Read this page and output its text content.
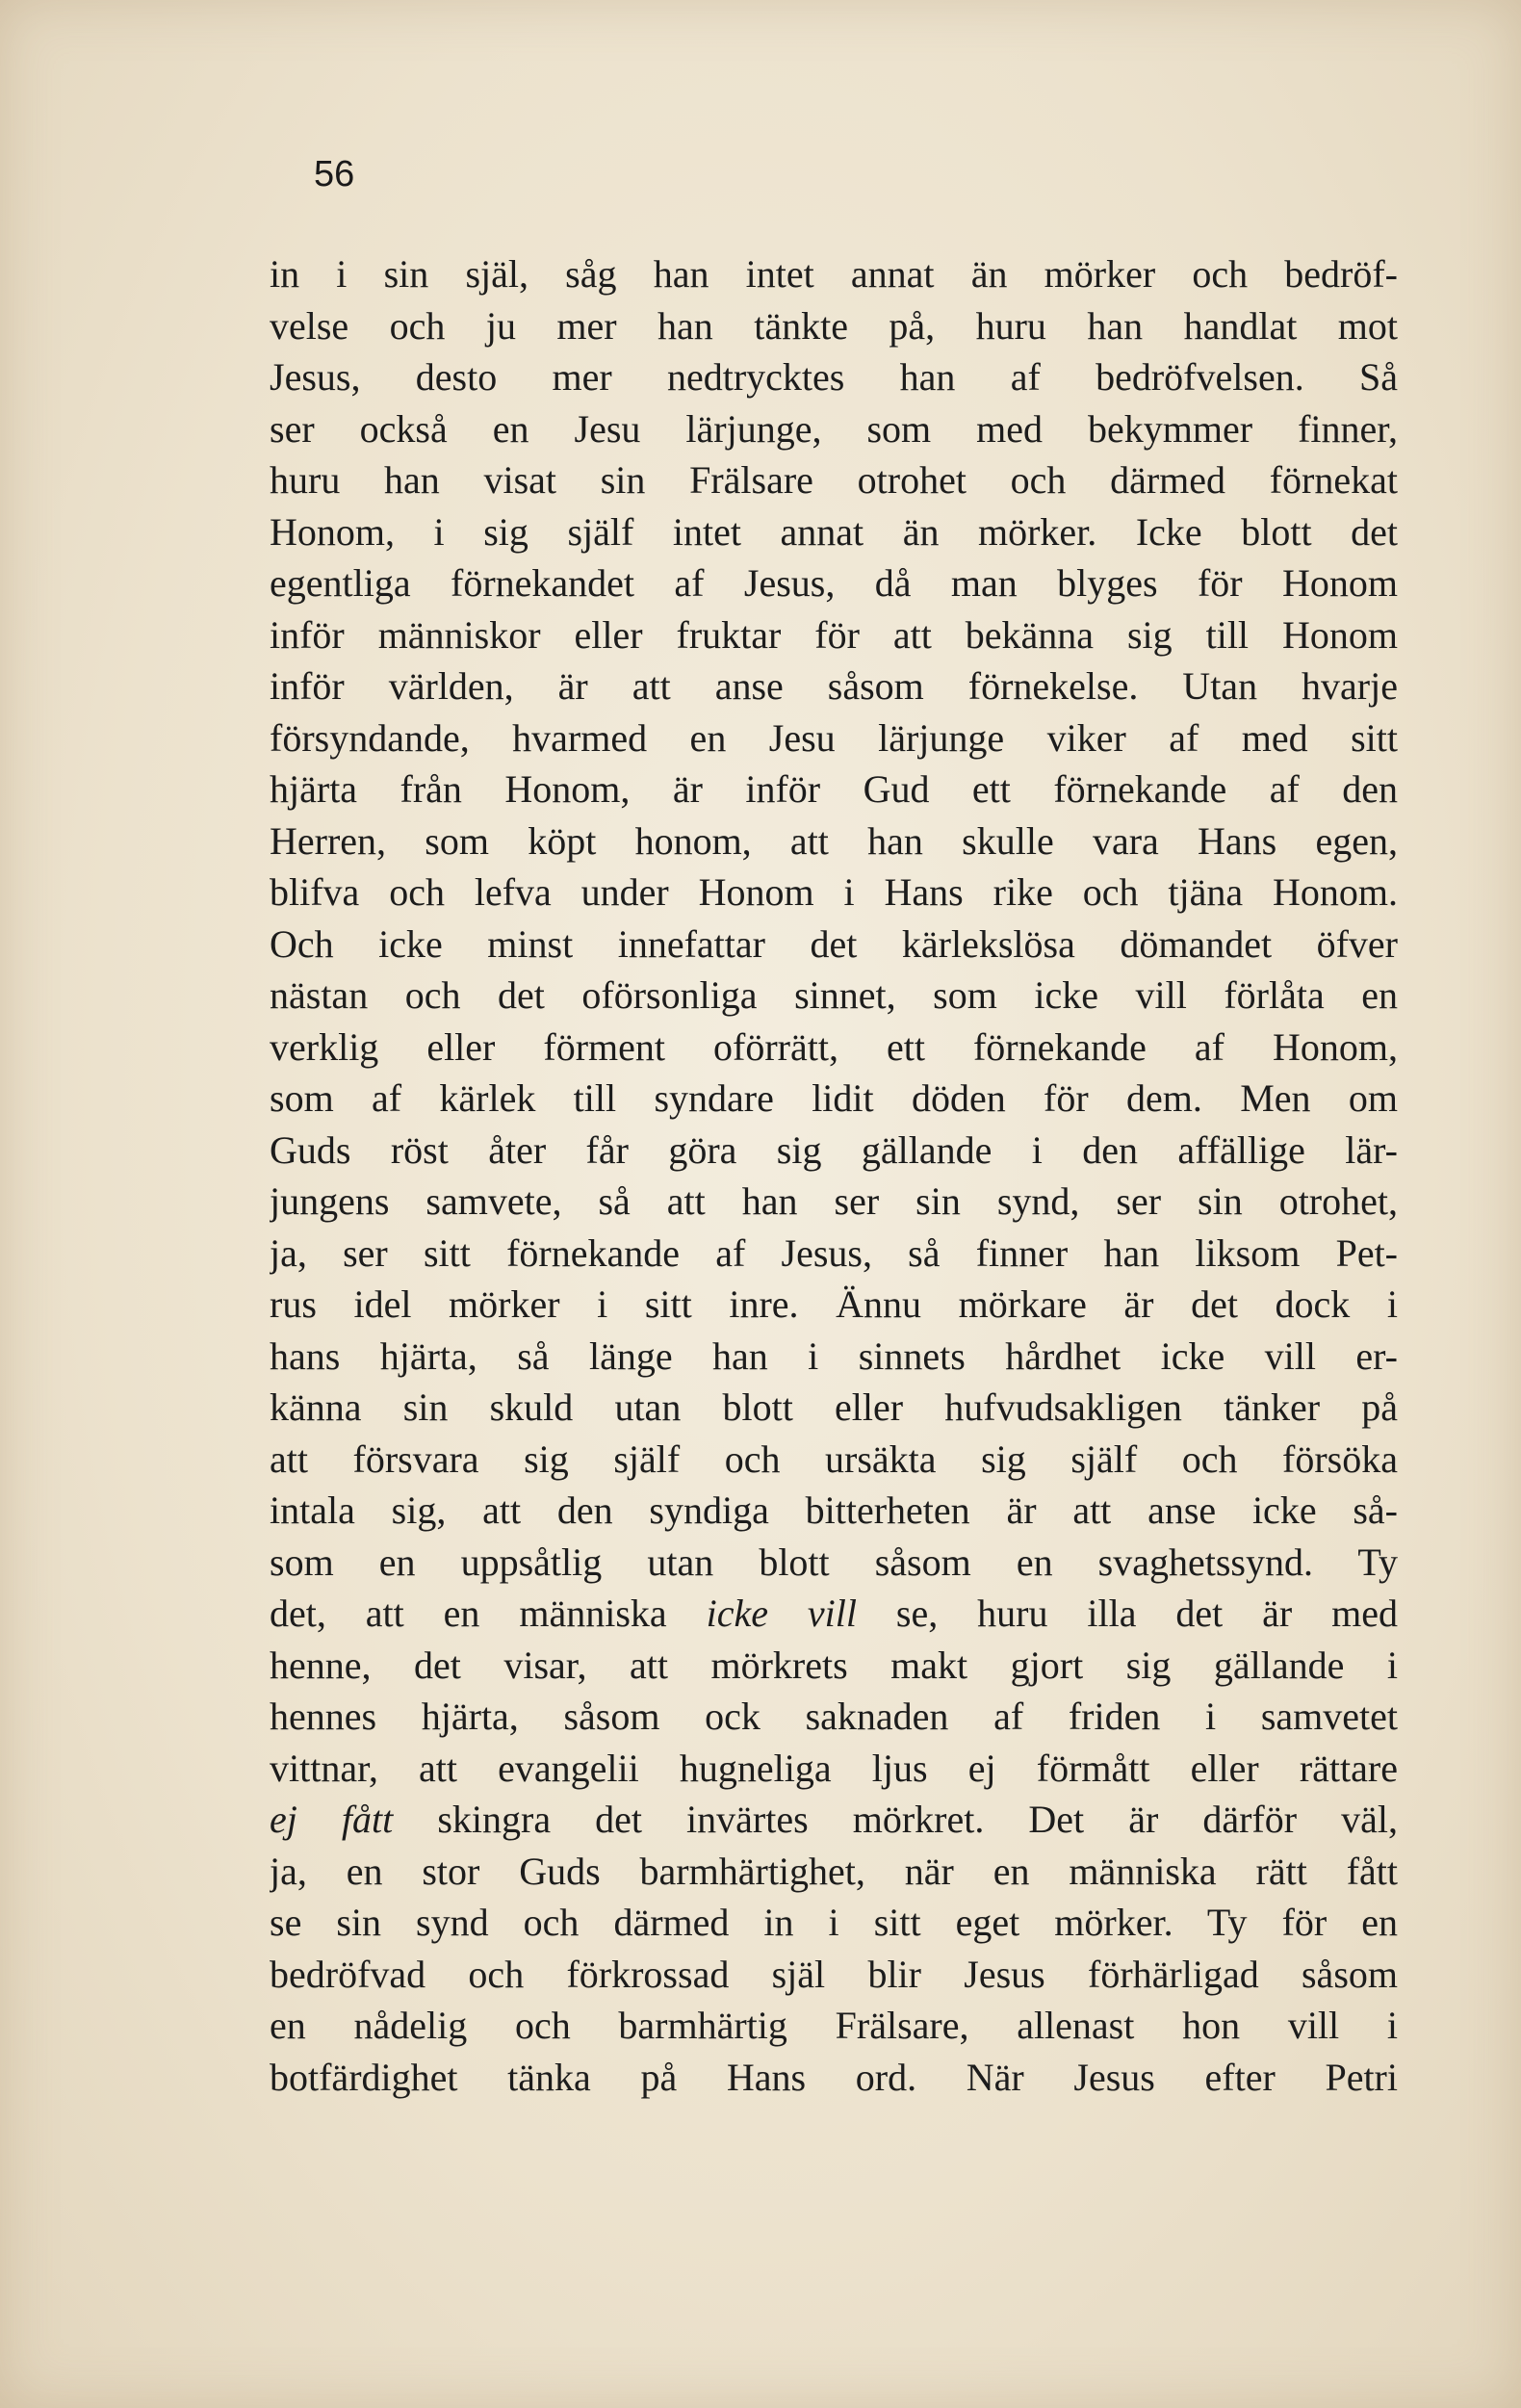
56
in i sin själ, såg han intet annat än mörker och bedröf-
velse och ju mer han tänkte på, huru han handlat mot
Jesus, desto mer nedtrycktes han af bedröfvelsen. Så
ser också en Jesu lärjunge, som med bekymmer finner,
huru han visat sin Frälsare otrohet och därmed förnekat
Honom, i sig själf intet annat än mörker. Icke blott det
egentliga förnekandet af Jesus, då man blyges för Honom
inför människor eller fruktar för att bekänna sig till Honom
inför världen, är att anse såsom förnekelse. Utan hvarje
försyndande, hvarmed en Jesu lärjunge viker af med sitt
hjärta från Honom, är inför Gud ett förnekande af den
Herren, som köpt honom, att han skulle vara Hans egen,
blifva och lefva under Honom i Hans rike och tjäna Honom.
Och icke minst innefattar det kärlekslösa dömandet öfver
nästan och det oförsonliga sinnet, som icke vill förlåta en
verklig eller förment oförrätt, ett förnekande af Honom,
som af kärlek till syndare lidit döden för dem. Men om
Guds röst åter får göra sig gällande i den affällige lär-
jungens samvete, så att han ser sin synd, ser sin otrohet,
ja, ser sitt förnekande af Jesus, så finner han liksom Pet-
rus idel mörker i sitt inre. Ännu mörkare är det dock i
hans hjärta, så länge han i sinnets hårdhet icke vill er-
känna sin skuld utan blott eller hufvudsakligen tänker på
att försvara sig själf och ursäkta sig själf och försöka
intala sig, att den syndiga bitterheten är att anse icke så-
som en uppsåtlig utan blott såsom en svaghetssynd. Ty
det, att en människa icke vill se, huru illa det är med
henne, det visar, att mörkrets makt gjort sig gällande i
hennes hjärta, såsom ock saknaden af friden i samvetet
vittnar, att evangelii hugneliga ljus ej förmått eller rättare
ej fått skingra det invärtes mörkret. Det är därför väl,
ja, en stor Guds barmhärtighet, när en människa rätt fått
se sin synd och därmed in i sitt eget mörker. Ty för en
bedröfvad och förkrossad själ blir Jesus förhärligad såsom
en nådelig och barmhärtig Frälsare, allenast hon vill i
botfärdighet tänka på Hans ord. När Jesus efter Petri
